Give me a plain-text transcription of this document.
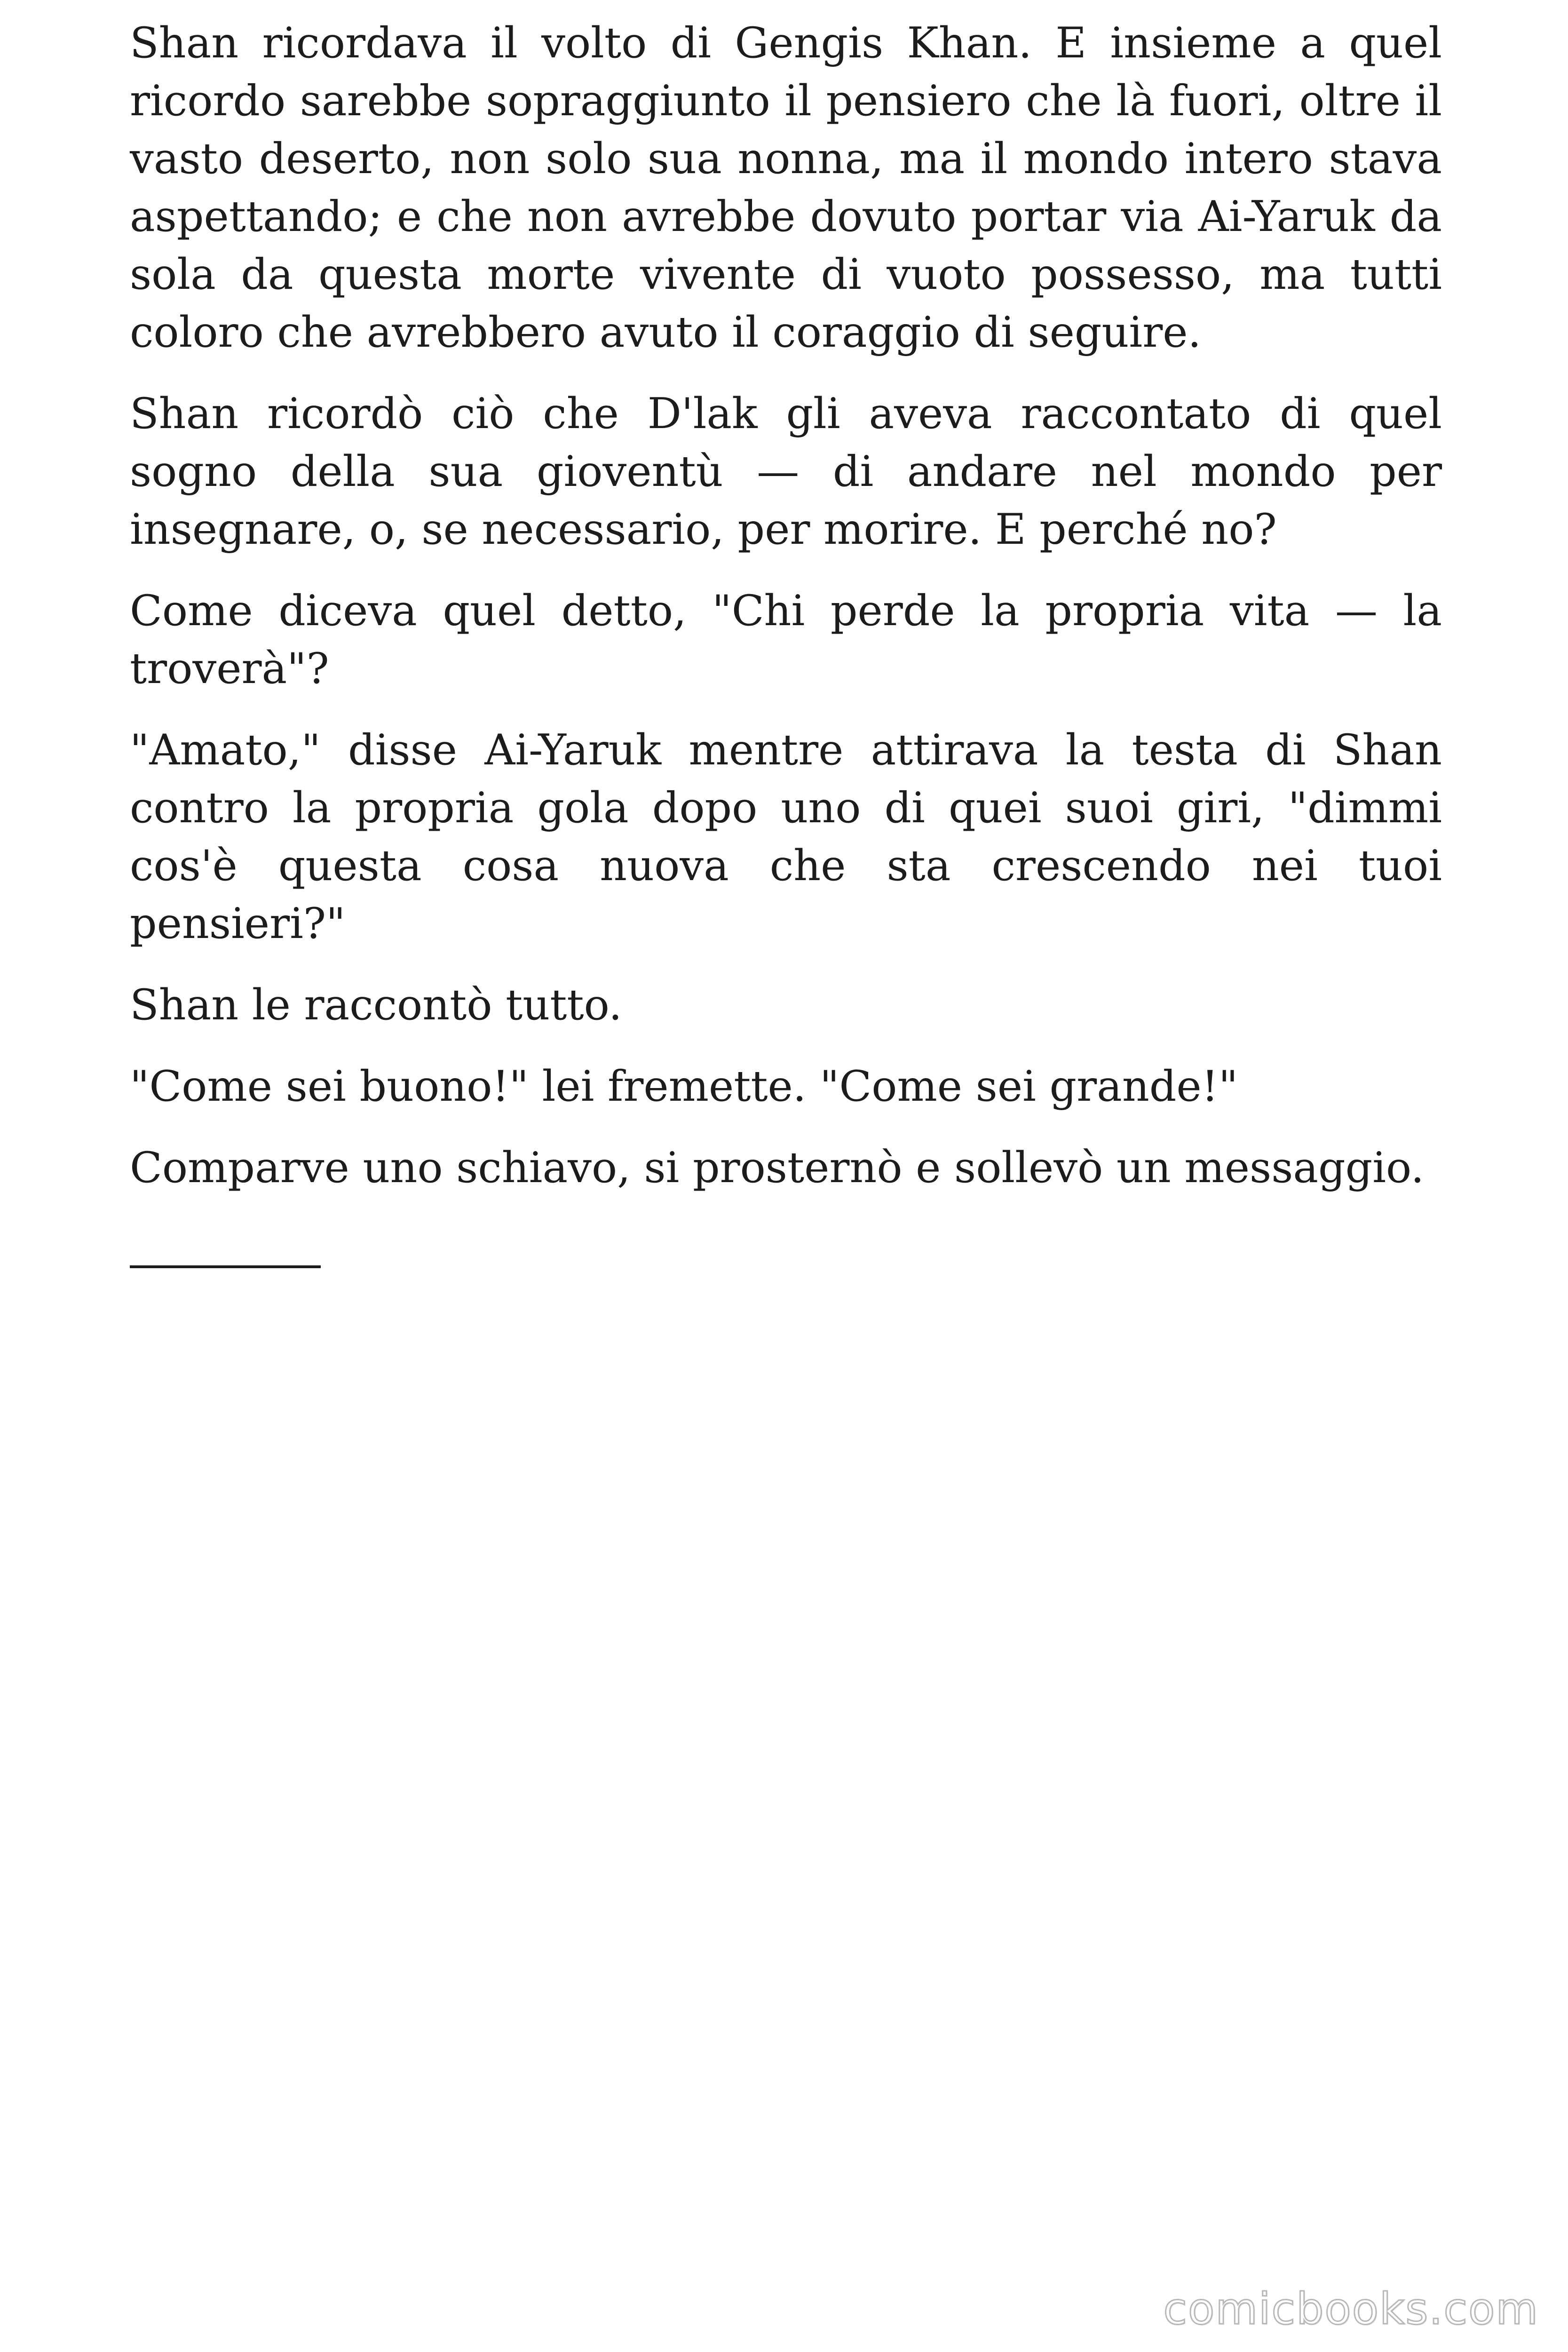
Shan ricordava il volto di Gengis Khan. E insieme a quel ricordo sarebbe sopraggiunto il pensiero che là fuori, oltre il vasto deserto, non solo sua nonna, ma il mondo intero stava aspettando; e che non avrebbe dovuto portar via Ai-Yaruk da sola da questa morte vivente di vuoto possesso, ma tutti coloro che avrebbero avuto il coraggio di seguire.

Shan ricordò ciò che D'lak gli aveva raccontato di quel sogno della sua gioventù — di andare nel mondo per insegnare, o, se necessario, per morire. E perché no?

Come diceva quel detto, "Chi perde la propria vita — la troverà"?

"Amato," disse Ai-Yaruk mentre attirava la testa di Shan contro la propria gola dopo uno di quei suoi giri, "dimmi cos'è questa cosa nuova che sta crescendo nei tuoi pensieri?"

Shan le raccontò tutto.

"Come sei buono!" lei fremette. "Come sei grande!"

Comparve uno schiavo, si prosternò e sollevò un messaggio.

comicbooks.com
